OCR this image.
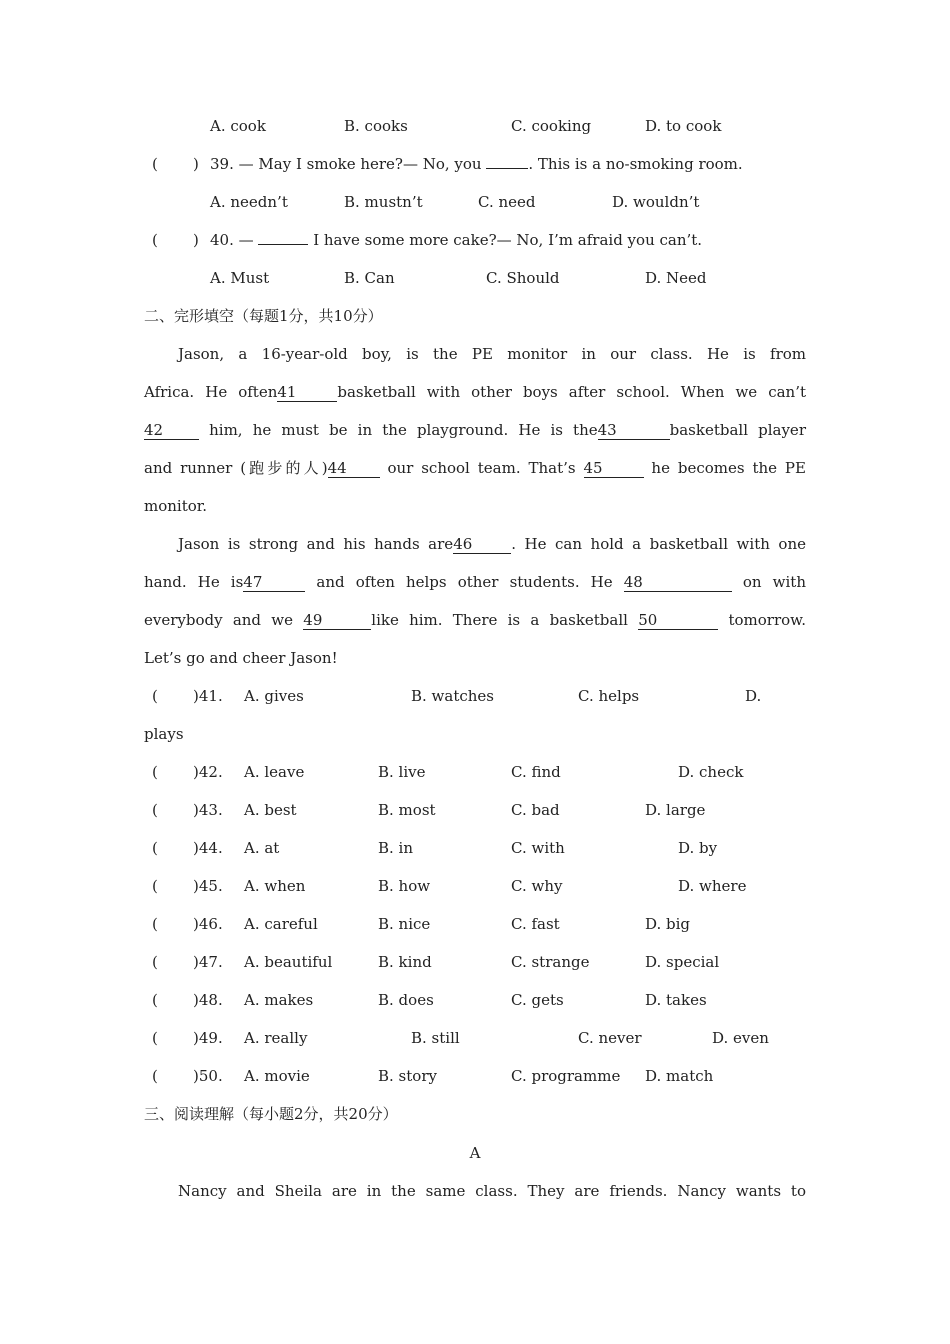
A. cook	B. cooks	C. cooking	D. to cook
( ) 39. — May I smoke here?— No, you	. This is a no-smoking room.
A. needn’t	B. mustn’t	C. need	D. wouldn’t
( ) 40. —	I have some more cake?— No, I’m afraid you can’t.
A. Must	B. Can	C. Should	D. Need
二、完形填空（每题1分，共10分）
Jason, a 16-year-old boy, is the PE monitor in our class. He is from
Africa. He often41	basketball with other boys after school. When we can’t
42	him, he must be in the playground. He is the43	basketball player
and runner (跑步的人)44	our school team. That’s 45	he becomes the PE
monitor.
Jason is strong and his hands are46	. He can hold a basketball with one
hand. He is47	and often helps other students. He 48	on with
everybody and we 49	like him. There is a basketball 50	tomorrow.
Let’s go and cheer Jason!
( )41. A. gives	B. watches	C. helps	D.
plays
( )42. A. leave	B. live	C. find	D. check
( )43. A. best	B. most	C. bad	D. large
( )44. A. at	B. in	C. with	D. by
( )45. A. when	B. how	C. why	D. where
( )46. A. careful	B. nice	C. fast	D. big
( )47. A. beautiful	B. kind	C. strange	D. special
( )48. A. makes	B. does	C. gets	D. takes
( )49. A. really	B. still	C. never	D. even
( )50. A. movie	B. story	C. programme D. match
三、阅读理解（每小题2分，共20分）
A
Nancy and Sheila are in the same class. They are friends. Nancy wants to
